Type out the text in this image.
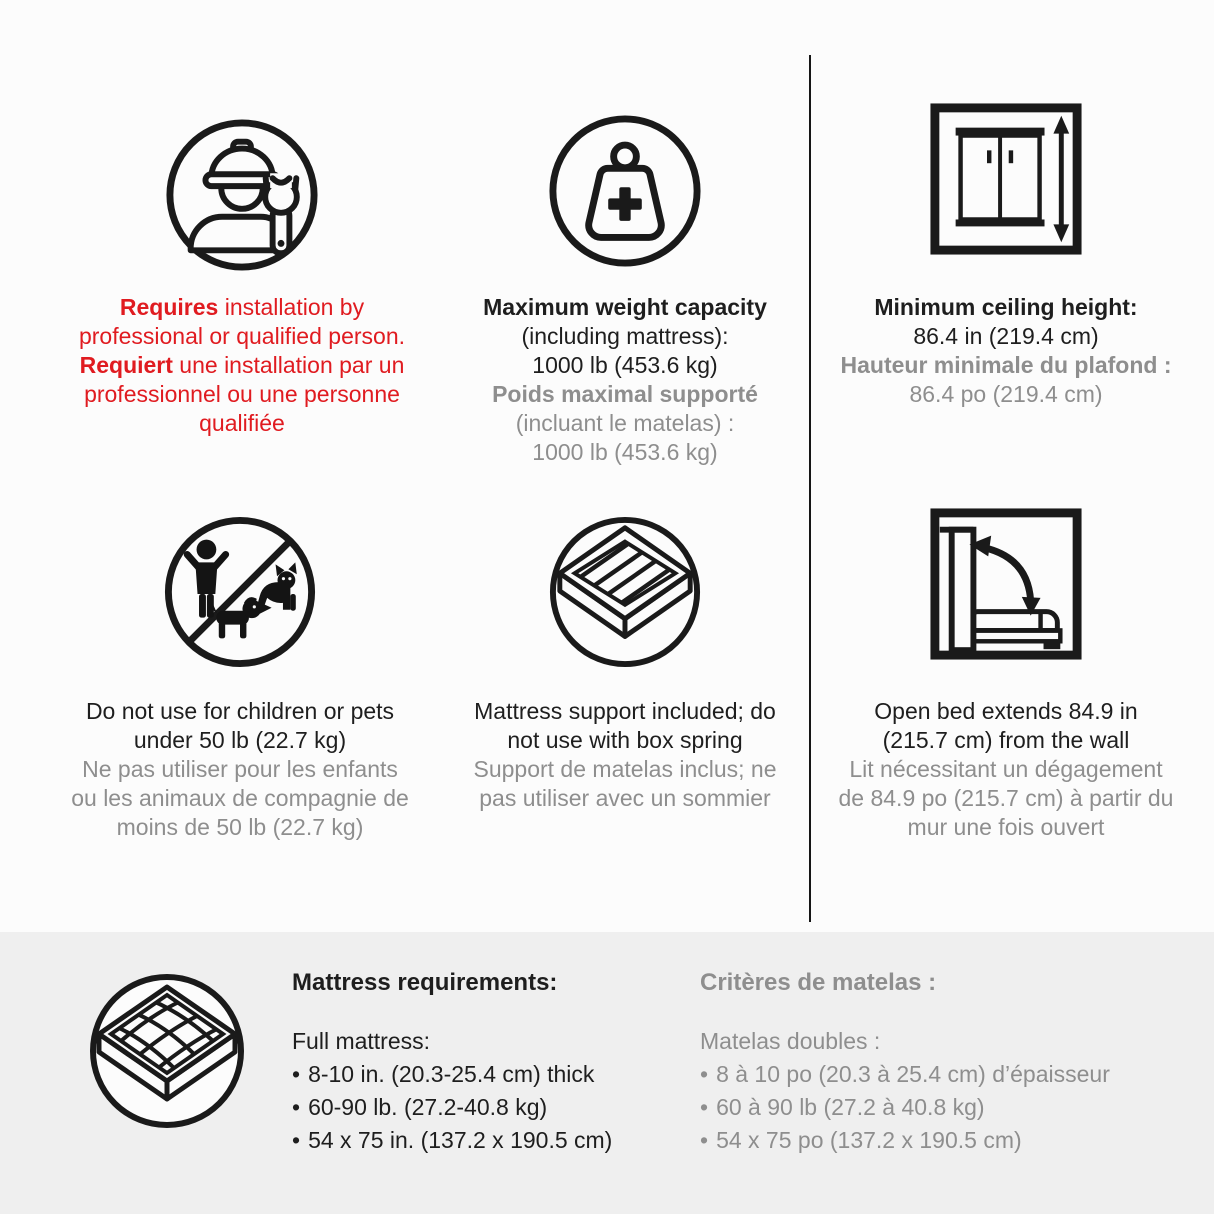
Requires installation by
professional or qualified person.
Requiert une installation par un
professionnel ou une personne
qualifiée
Maximum weight capacity
(including mattress):
1000 lb (453.6 kg)
Poids maximal supporté
(incluant le matelas) :
1000 lb (453.6 kg)
Minimum ceiling height:
86.4 in (219.4 cm)
Hauteur minimale du plafond :
86.4 po (219.4 cm)
Do not use for children or pets
under 50 lb (22.7 kg)
Ne pas utiliser pour les enfants
ou les animaux de compagnie de
moins de 50 lb (22.7 kg)
Mattress support included; do
not use with box spring
Support de matelas inclus; ne
pas utiliser avec un sommier
Open bed extends 84.9 in
(215.7 cm) from the wall
Lit nécessitant un dégagement
de 84.9 po (215.7 cm) à partir du
mur une fois ouvert
Mattress requirements:
Full mattress:
• 8-10 in. (20.3-25.4 cm) thick
• 60-90 lb. (27.2-40.8 kg)
• 54 x 75 in. (137.2 x 190.5 cm)
Critères de matelas :
Matelas doubles :
• 8 à 10 po (20.3 à 25.4 cm) d’épaisseur
• 60 à 90 lb (27.2 à 40.8 kg)
• 54 x 75 po (137.2 x 190.5 cm)
